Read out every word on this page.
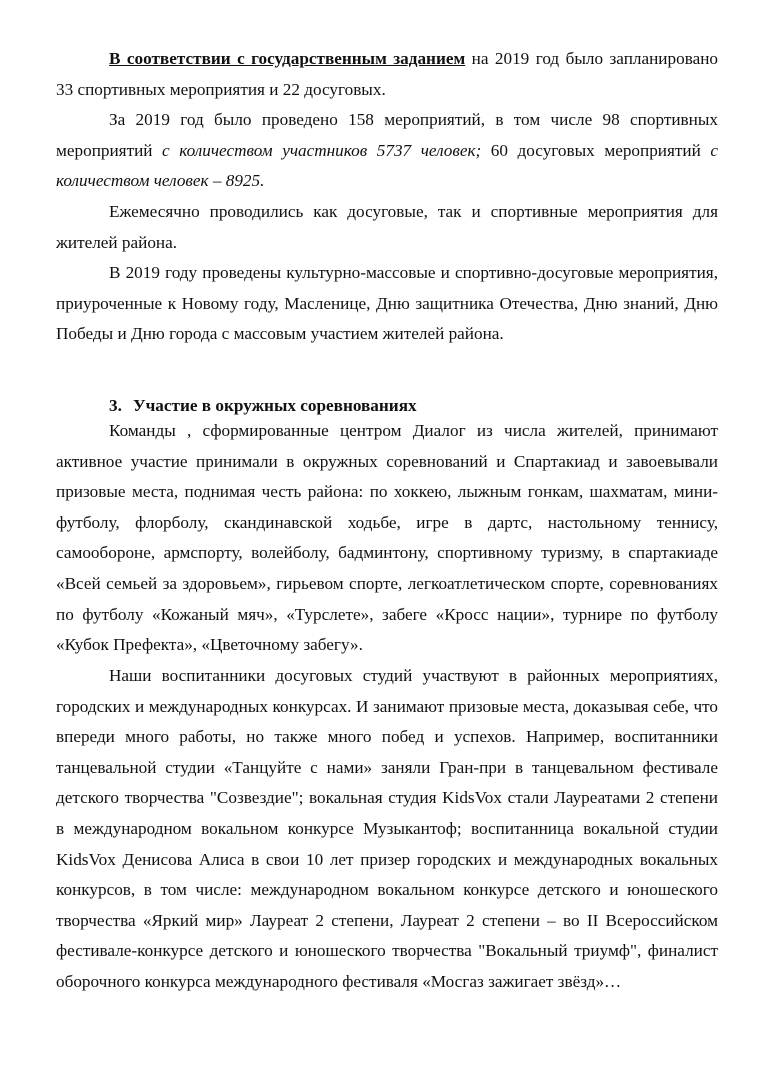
В соответствии с государственным заданием на 2019 год было запланировано 33 спортивных мероприятия и 22 досуговых.

За 2019 год было проведено 158 мероприятий, в том числе 98 спортивных мероприятий с количеством участников 5737 человек; 60 досуговых мероприятий с количеством человек – 8925.

Ежемесячно проводились как досуговые, так и спортивные мероприятия для жителей района.

В 2019 году проведены культурно-массовые и спортивно-досуговые мероприятия, приуроченные к Новому году, Масленице, Дню защитника Отечества, Дню знаний, Дню Победы и Дню города с массовым участием жителей района.

3. Участие в окружных соревнованиях

Команды , сформированные центром Диалог из числа жителей, принимают активное участие принимали в окружных соревнований и Спартакиад и завоевывали призовые места, поднимая честь района: по хоккею, лыжным гонкам, шахматам, мини-футболу, флорболу, скандинавской ходьбе, игре в дартс, настольному теннису, самообороне, армспорту, волейболу, бадминтону, спортивному туризму, в спартакиаде «Всей семьей за здоровьем», гирьевом спорте, легкоатлетическом спорте, соревнованиях по футболу «Кожаный мяч», «Турслете», забеге «Кросс нации», турнире по футболу «Кубок Префекта», «Цветочному забегу».

Наши воспитанники досуговых студий участвуют в районных мероприятиях, городских и международных конкурсах. И занимают призовые места, доказывая себе, что впереди много работы, но также много побед и успехов. Например, воспитанники танцевальной студии «Танцуйте с нами» заняли Гран-при в танцевальном фестивале детского творчества "Созвездие"; вокальная студия KidsVox стали Лауреатами 2 степени в международном вокальном конкурсе Музыкантоф; воспитанница вокальной студии KidsVox Денисова Алиса в свои 10 лет призер городских и международных вокальных конкурсов, в том числе: международном вокальном конкурсе детского и юношеского творчества «Яркий мир» Лауреат 2 степени, Лауреат 2 степени – во II Всероссийском фестивале-конкурсе детского и юношеского творчества "Вокальный триумф", финалист оборочного конкурса международного фестиваля «Мосгаз зажигает звёзд»…
